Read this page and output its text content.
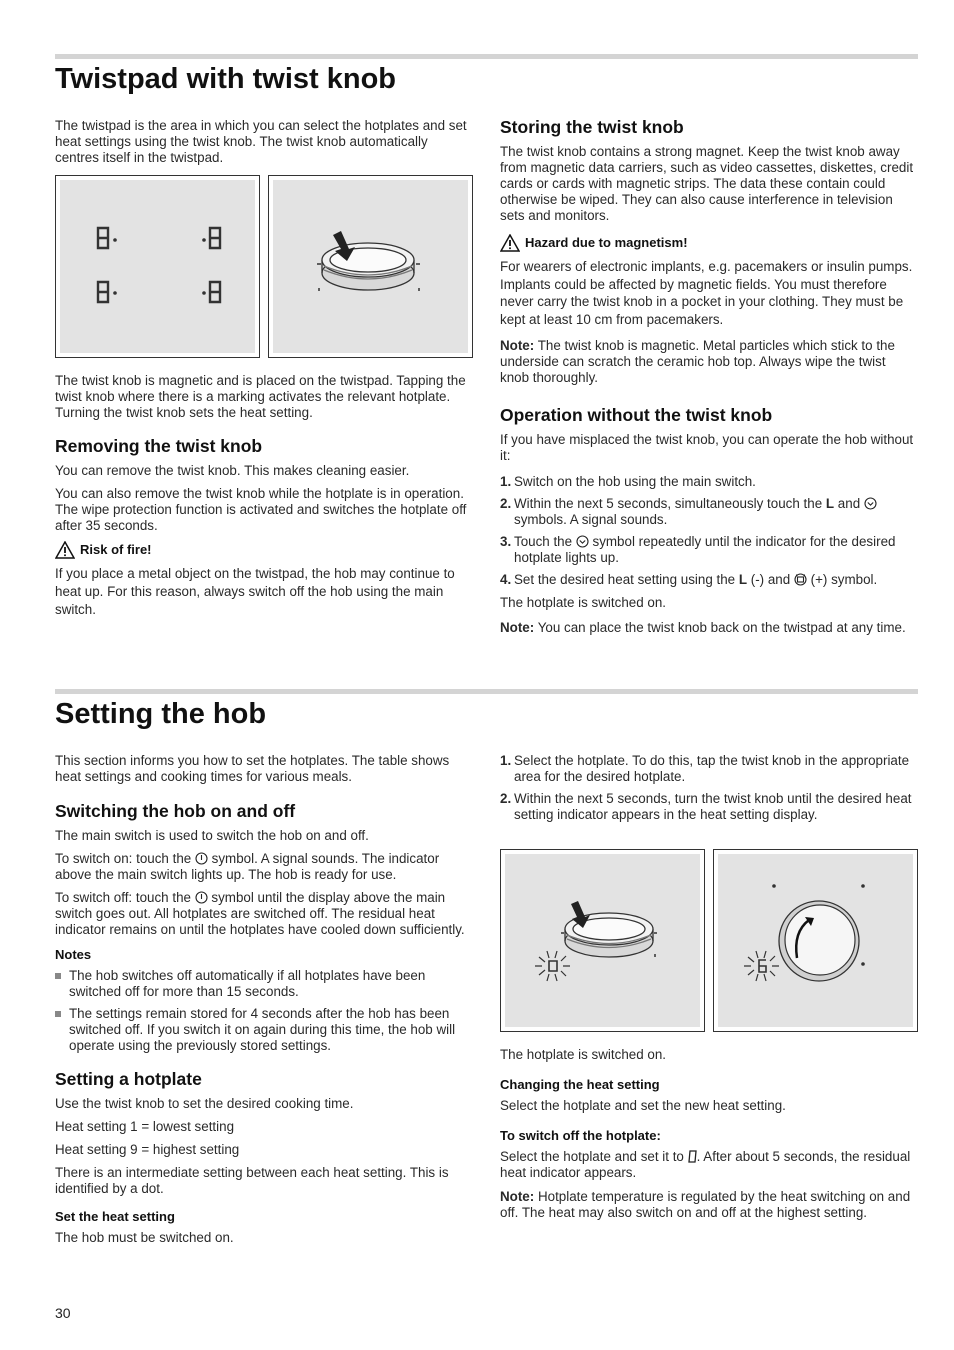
Twistpad with twist knob

The twistpad is the area in which you can select the hotplates and set heat settings using the twist knob. The twist knob automatically centres itself in the twistpad.

The twist knob is magnetic and is placed on the twistpad. Tapping the twist knob where there is a marking activates the relevant hotplate. Turning the twist knob sets the heat setting.

Removing the twist knob

You can remove the twist knob. This makes cleaning easier.

You can also remove the twist knob while the hotplate is in operation. The wipe protection function is activated and switches the hotplate off after 35 seconds.

Risk of fire!

If you place a metal object on the twistpad, the hob may continue to heat up. For this reason, always switch off the hob using the main switch.

Storing the twist knob

The twist knob contains a strong magnet. Keep the twist knob away from magnetic data carriers, such as video cassettes, diskettes, credit cards or cards with magnetic strips. The data these contain could otherwise be wiped. They can also cause interference in television sets and monitors.

Hazard due to magnetism!

For wearers of electronic implants, e.g. pacemakers or insulin pumps. Implants could be affected by magnetic fields. You must therefore never carry the twist knob in a pocket in your clothing. They must be kept at least 10 cm from pacemakers.

Note: The twist knob is magnetic. Metal particles which stick to the underside can scratch the ceramic hob top. Always wipe the twist knob thoroughly.

Operation without the twist knob

If you have misplaced the twist knob, you can operate the hob without it:

1. Switch on the hob using the main switch.
2. Within the next 5 seconds, simultaneously touch the L and  symbols. A signal sounds.
3. Touch the  symbol repeatedly until the indicator for the desired hotplate lights up.
4. Set the desired heat setting using the L (-) and  (+) symbol.

The hotplate is switched on.

Note: You can place the twist knob back on the twistpad at any time.

Setting the hob

This section informs you how to set the hotplates. The table shows heat settings and cooking times for various meals.

Switching the hob on and off

The main switch is used to switch the hob on and off.

To switch on: touch the  symbol. A signal sounds. The indicator above the main switch lights up. The hob is ready for use.

To switch off: touch the  symbol until the display above the main switch goes out. All hotplates are switched off. The residual heat indicator remains on until the hotplates have cooled down sufficiently.

Notes
The hob switches off automatically if all hotplates have been switched off for more than 15 seconds.
The settings remain stored for 4 seconds after the hob has been switched off. If you switch it on again during this time, the hob will operate using the previously stored settings.
Setting a hotplate

Use the twist knob to set the desired cooking time.

Heat setting 1 = lowest setting

Heat setting 9 = highest setting

There is an intermediate setting between each heat setting. This is identified by a dot.

Set the heat setting

The hob must be switched on.

1. Select the hotplate. To do this, tap the twist knob in the appropriate area for the desired hotplate.
2. Within the next 5 seconds, turn the twist knob until the desired heat setting indicator appears in the heat setting display.

The hotplate is switched on.

Changing the heat setting

Select the hotplate and set the new heat setting.

To switch off the hotplate:

Select the hotplate and set it to . After about 5 seconds, the residual heat indicator appears.

Note: Hotplate temperature is regulated by the heat switching on and off. The heat may also switch on and off at the highest setting.

30
